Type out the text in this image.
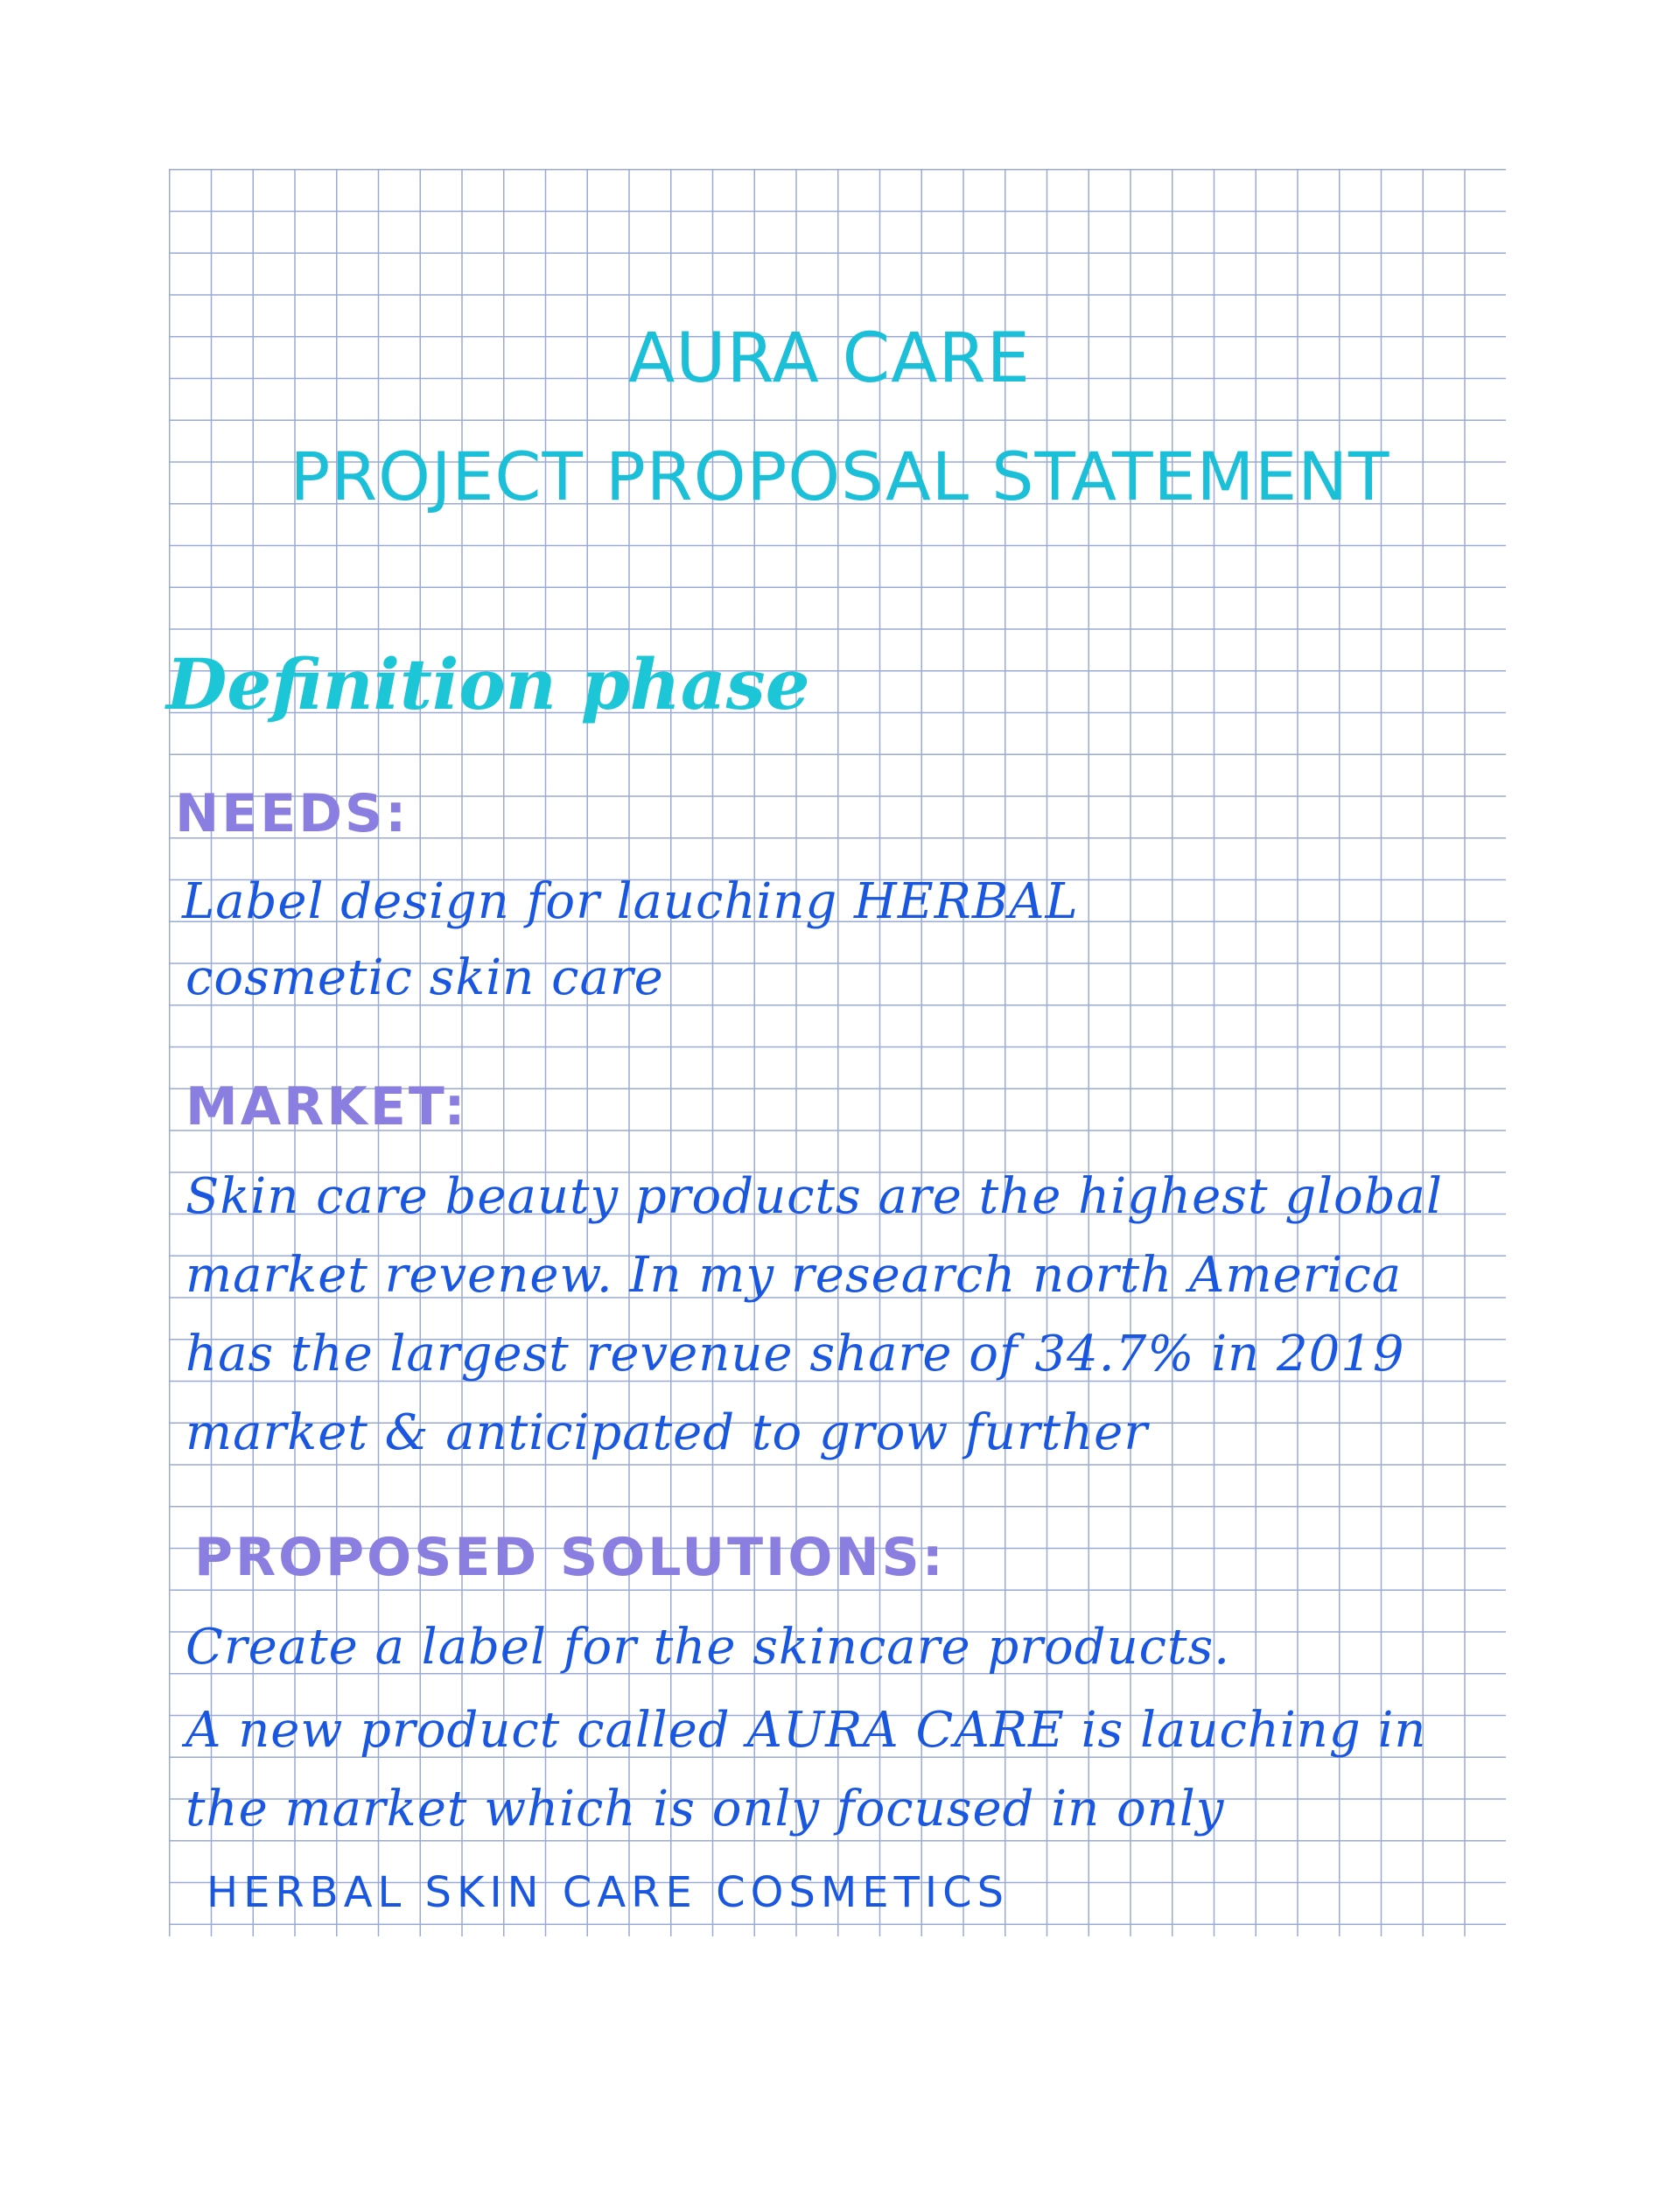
AURA CARE
PROJECT PROPOSAL STATEMENT
Definition phase
NEEDS:

Label design for lauching HERBAL

cosmetic skin care

MARKET:

Skin care beauty products are the highest global

market revenew. In my research north America

has the largest revenue share of 34.7% in 2019

market & anticipated to grow further

PROPOSED SOLUTIONS:

Create a label for the skincare products.

A new product called AURA CARE is lauching in

the market which is only focused in only

HERBAL SKIN CARE COSMETICS
